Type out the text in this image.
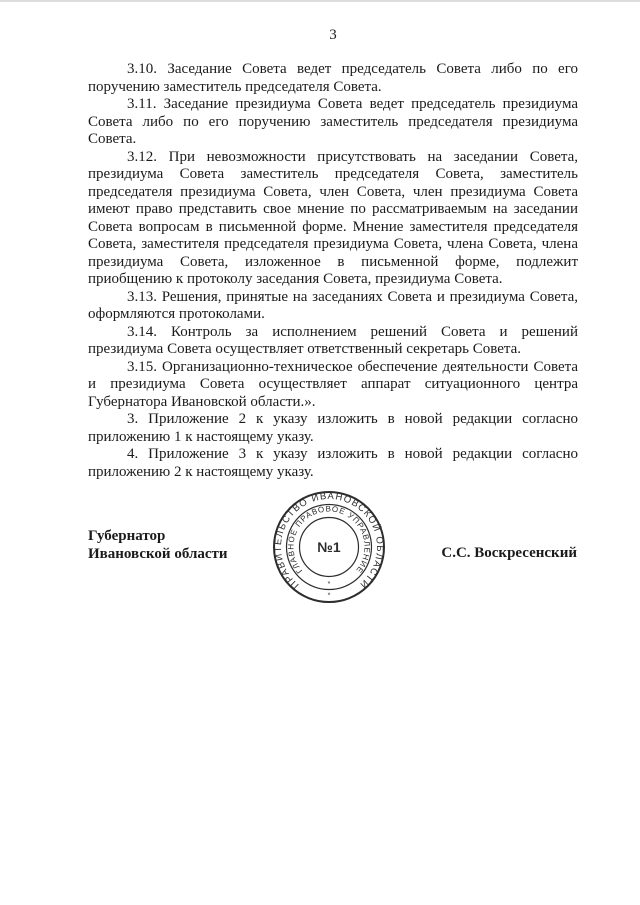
3

3.10. Заседание Совета ведет председатель Совета либо по его поручению заместитель председателя Совета.

3.11. Заседание президиума Совета ведет председатель президиума Совета либо по его поручению заместитель председателя президиума Совета.

3.12. При невозможности присутствовать на заседании Совета, президиума Совета заместитель председателя Совета, заместитель председателя президиума Совета, член Совета, член президиума Совета имеют право представить свое мнение по рассматриваемым на заседании Совета вопросам в письменной форме. Мнение заместителя председателя Совета, заместителя председателя президиума Совета, члена Совета, члена президиума Совета, изложенное в письменной форме, подлежит приобщению к протоколу заседания Совета, президиума Совета.

3.13. Решения, принятые на заседаниях Совета и президиума Совета, оформляются протоколами.

3.14. Контроль за исполнением решений Совета и решений президиума Совета осуществляет ответственный секретарь Совета.

3.15. Организационно-техническое обеспечение деятельности Совета и президиума Совета осуществляет аппарат ситуационного центра Губернатора Ивановской области.».

3. Приложение 2 к указу изложить в новой редакции согласно приложению 1 к настоящему указу.

4. Приложение 3 к указу изложить в новой редакции согласно приложению 2 к настоящему указу.

Губернатор
Ивановской области
ПРАВИТЕЛЬСТВО ИВАНОВСКОЙ ОБЛАСТИ
ГЛАВНОЕ ПРАВОВОЕ УПРАВЛЕНИЕ
№1
*
*
С.С. Воскресенский
